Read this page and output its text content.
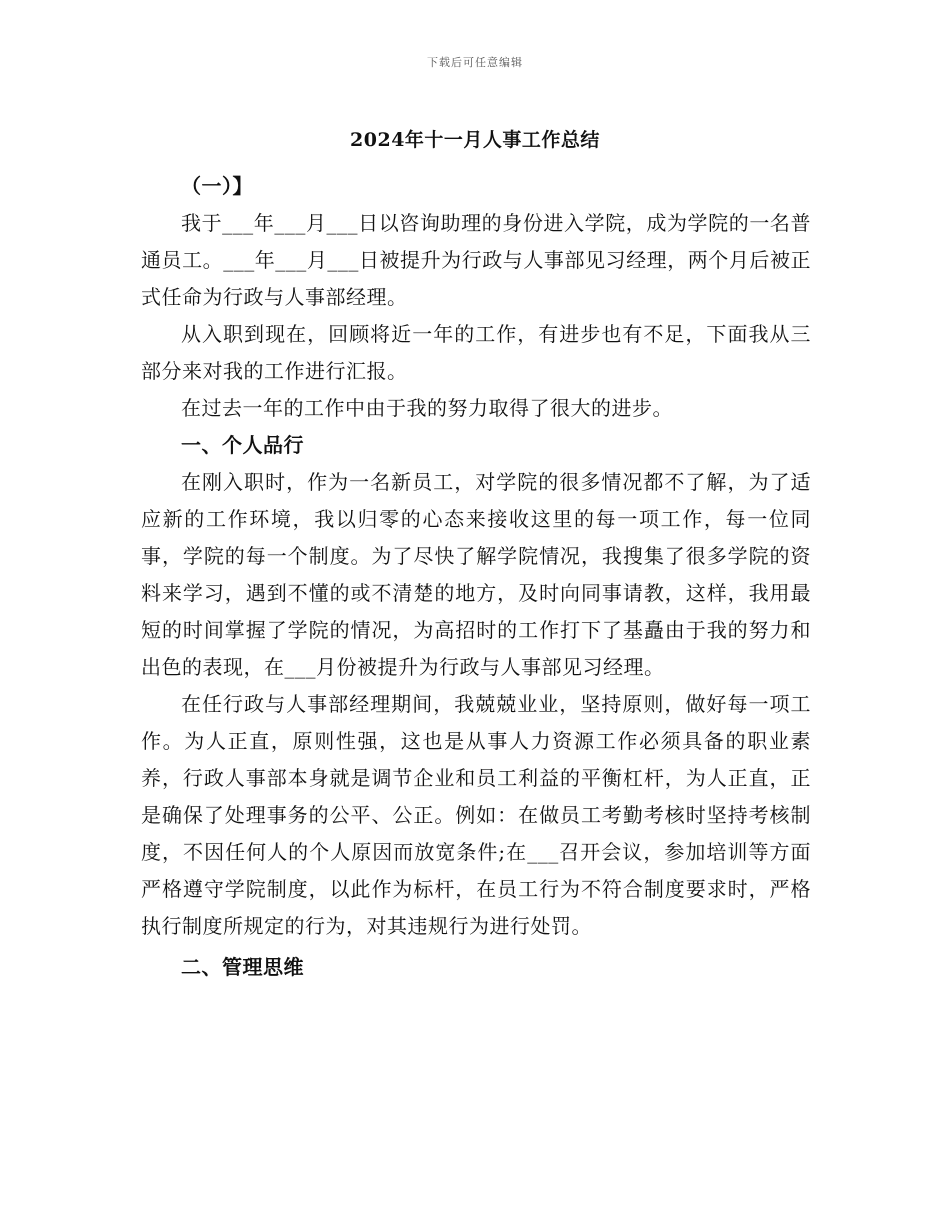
下载后可任意编辑
2024年十一月人事工作总结
（一）】

我于___年___月___日以咨询助理的身份进入学院，成为学院的一名普通员工。___年___月___日被提升为行政与人事部见习经理，两个月后被正式任命为行政与人事部经理。

从入职到现在，回顾将近一年的工作，有进步也有不足，下面我从三部分来对我的工作进行汇报。

在过去一年的工作中由于我的努力取得了很大的进步。

一、个人品行

在刚入职时，作为一名新员工，对学院的很多情况都不了解，为了适应新的工作环境，我以归零的心态来接收这里的每一项工作，每一位同事，学院的每一个制度。为了尽快了解学院情况，我搜集了很多学院的资料来学习，遇到不懂的或不清楚的地方，及时向同事请教，这样，我用最短的时间掌握了学院的情况，为高招时的工作打下了基矗由于我的努力和出色的表现，在___月份被提升为行政与人事部见习经理。

在任行政与人事部经理期间，我兢兢业业，坚持原则，做好每一项工作。为人正直，原则性强，这也是从事人力资源工作必须具备的职业素养，行政人事部本身就是调节企业和员工利益的平衡杠杆，为人正直，正是确保了处理事务的公平、公正。例如：在做员工考勤考核时坚持考核制度，不因任何人的个人原因而放宽条件;在___召开会议，参加培训等方面严格遵守学院制度，以此作为标杆，在员工行为不符合制度要求时，严格执行制度所规定的行为，对其违规行为进行处罚。

二、管理思维
